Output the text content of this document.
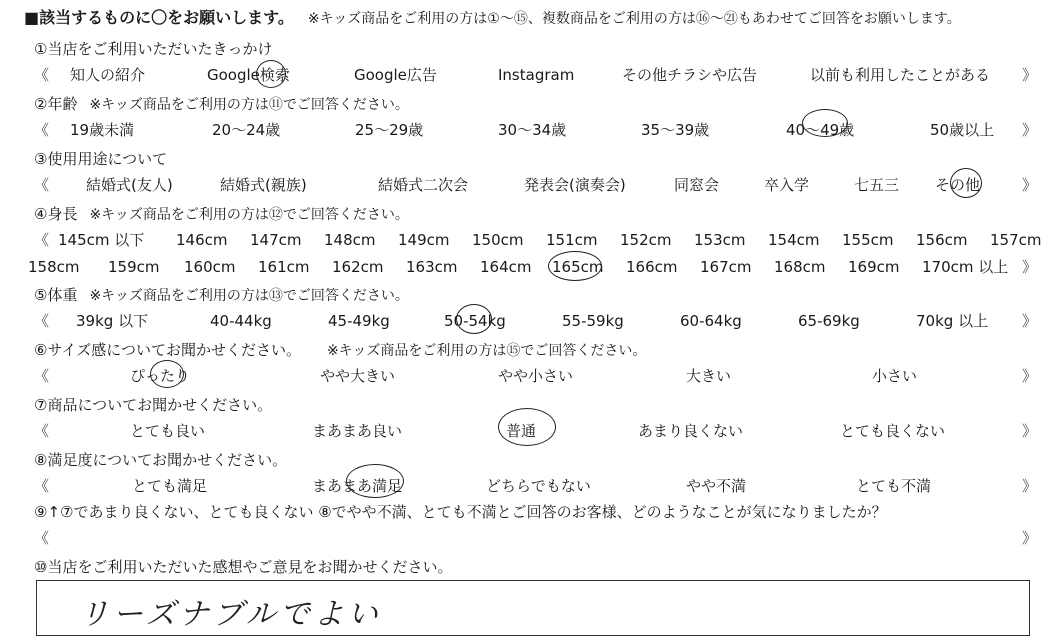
■該当するものに〇をお願いします。 ※キッズ商品をご利用の方は①～⑮、複数商品をご利用の方は⑯～㉑もあわせてご回答をお願いします。
①当店をご利用いただいたきっかけ
《 知人の紹介	Google検索	Google広告	Instagram	その他チラシや広告	以前も利用したことがある 》
②年齢 ※キッズ商品をご利用の方は⑪でご回答ください。
《 19歳未満	20～24歳	25～29歳	30～34歳	35～39歳	40～49歳	50歳以上 》
③使用用途について
《 結婚式(友人)	結婚式(親族)	結婚式二次会	発表会(演奏会)	同窓会	卒入学	七五三 その他	》
④身長 ※キッズ商品をご利用の方は⑫でご回答ください。
《 145cm 以下 146cm 147cm 148cm 149cm 150cm 151cm 152cm 153cm 154cm 155cm 156cm 157cm
158cm 159cm 160cm 161cm 162cm 163cm 164cm 165cm 166cm 167cm 168cm 169cm 170cm 以上 》
⑤体重 ※キッズ商品をご利用の方は⑬でご回答ください。
《 39kg 以下	40-44kg	45-49kg	50-54kg	55-59kg	60-64kg	65-69kg	70kg 以上 》
⑥サイズ感についてお聞かせください。 ※キッズ商品をご利用の方は⑮でご回答ください。
《	ぴったり	やや大きい	やや小さい	大きい	小さい	》
⑦商品についてお聞かせください。
《	とても良い	まあまあ良い	普通	あまり良くない	とても良くない	》
⑧満足度についてお聞かせください。
《	とても満足	まあまあ満足	どちらでもない	やや不満	とても不満	》
⑨↑⑦であまり良くない、とても良くない ⑧でやや不満、とても不満とご回答のお客様、どのようなことが気になりましたか？
《	》
⑩当店をご利用いただいた感想やご意見をお聞かせください。
リーズナブルでよい
